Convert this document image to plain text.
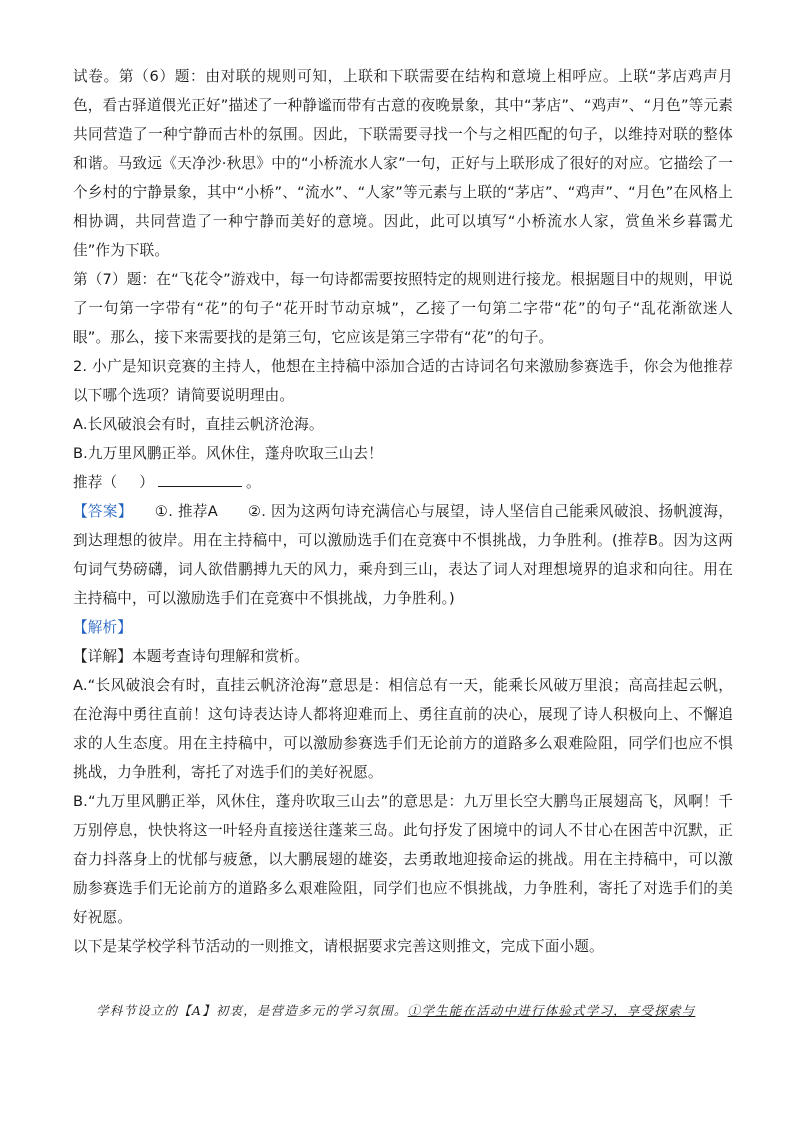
试卷。第（6）题：由对联的规则可知，上联和下联需要在结构和意境上相呼应。上联“茅店鸡声月色，看古驿道偎光正好”描述了一种静谧而带有古意的夜晚景象，其中“茅店”、“鸡声”、“月色”等元素共同营造了一种宁静而古朴的氛围。因此，下联需要寻找一个与之相匹配的句子，以维持对联的整体和谐。马致远《天净沙·秋思》中的“小桥流水人家”一句，正好与上联形成了很好的对应。它描绘了一个乡村的宁静景象，其中“小桥”、“流水”、“人家”等元素与上联的“茅店”、“鸡声”、“月色”在风格上相协调，共同营造了一种宁静而美好的意境。因此，此可以填写“小桥流水人家，赏鱼米乡暮霭尤佳”作为下联。

第（7）题：在“飞花令”游戏中，每一句诗都需要按照特定的规则进行接龙。根据题目中的规则，甲说了一句第一字带有“花”的句子“花开时节动京城”，乙接了一句第二字带“花”的句子“乱花渐欲迷人眼”。那么，接下来需要找的是第三句，它应该是第三字带有“花”的句子。

2. 小广是知识竞赛的主持人，他想在主持稿中添加合适的古诗词名句来激励参赛选手，你会为他推荐以下哪个选项？请简要说明理由。

A.长风破浪会有时，直挂云帆济沧海。

B.九万里风鹏正举。风休住，蓬舟吹取三山去！

推荐（ ）	。

【答案】 ①. 推荐A　　②. 因为这两句诗充满信心与展望，诗人坚信自己能乘风破浪、扬帆渡海，到达理想的彼岸。用在主持稿中，可以激励选手们在竞赛中不惧挑战，力争胜利。(推荐B。因为这两句词气势磅礴，词人欲借鹏搏九天的风力，乘舟到三山，表达了词人对理想境界的追求和向往。用在主持稿中，可以激励选手们在竞赛中不惧挑战，力争胜利。)

【解析】

【详解】本题考查诗句理解和赏析。

A.“长风破浪会有时，直挂云帆济沧海”意思是：相信总有一天，能乘长风破万里浪；高高挂起云帆，在沧海中勇往直前！这句诗表达诗人都将迎难而上、勇往直前的决心，展现了诗人积极向上、不懈追求的人生态度。用在主持稿中，可以激励参赛选手们无论前方的道路多么艰难险阻，同学们也应不惧挑战，力争胜利，寄托了对选手们的美好祝愿。

B.“九万里风鹏正举，风休住，蓬舟吹取三山去”的意思是：九万里长空大鹏鸟正展翅高飞，风啊！千万别停息，快快将这一叶轻舟直接送往蓬莱三岛。此句抒发了困境中的词人不甘心在困苦中沉默，正奋力抖落身上的忧郁与疲惫，以大鹏展翅的雄姿，去勇敢地迎接命运的挑战。用在主持稿中，可以激励参赛选手们无论前方的道路多么艰难险阻，同学们也应不惧挑战，力争胜利，寄托了对选手们的美好祝愿。

以下是某学校学科节活动的一则推文，请根据要求完善这则推文，完成下面小题。

学科节设立的【A】初衷，是营造多元的学习氛围。①学生能在活动中进行体验式学习，享受探索与
